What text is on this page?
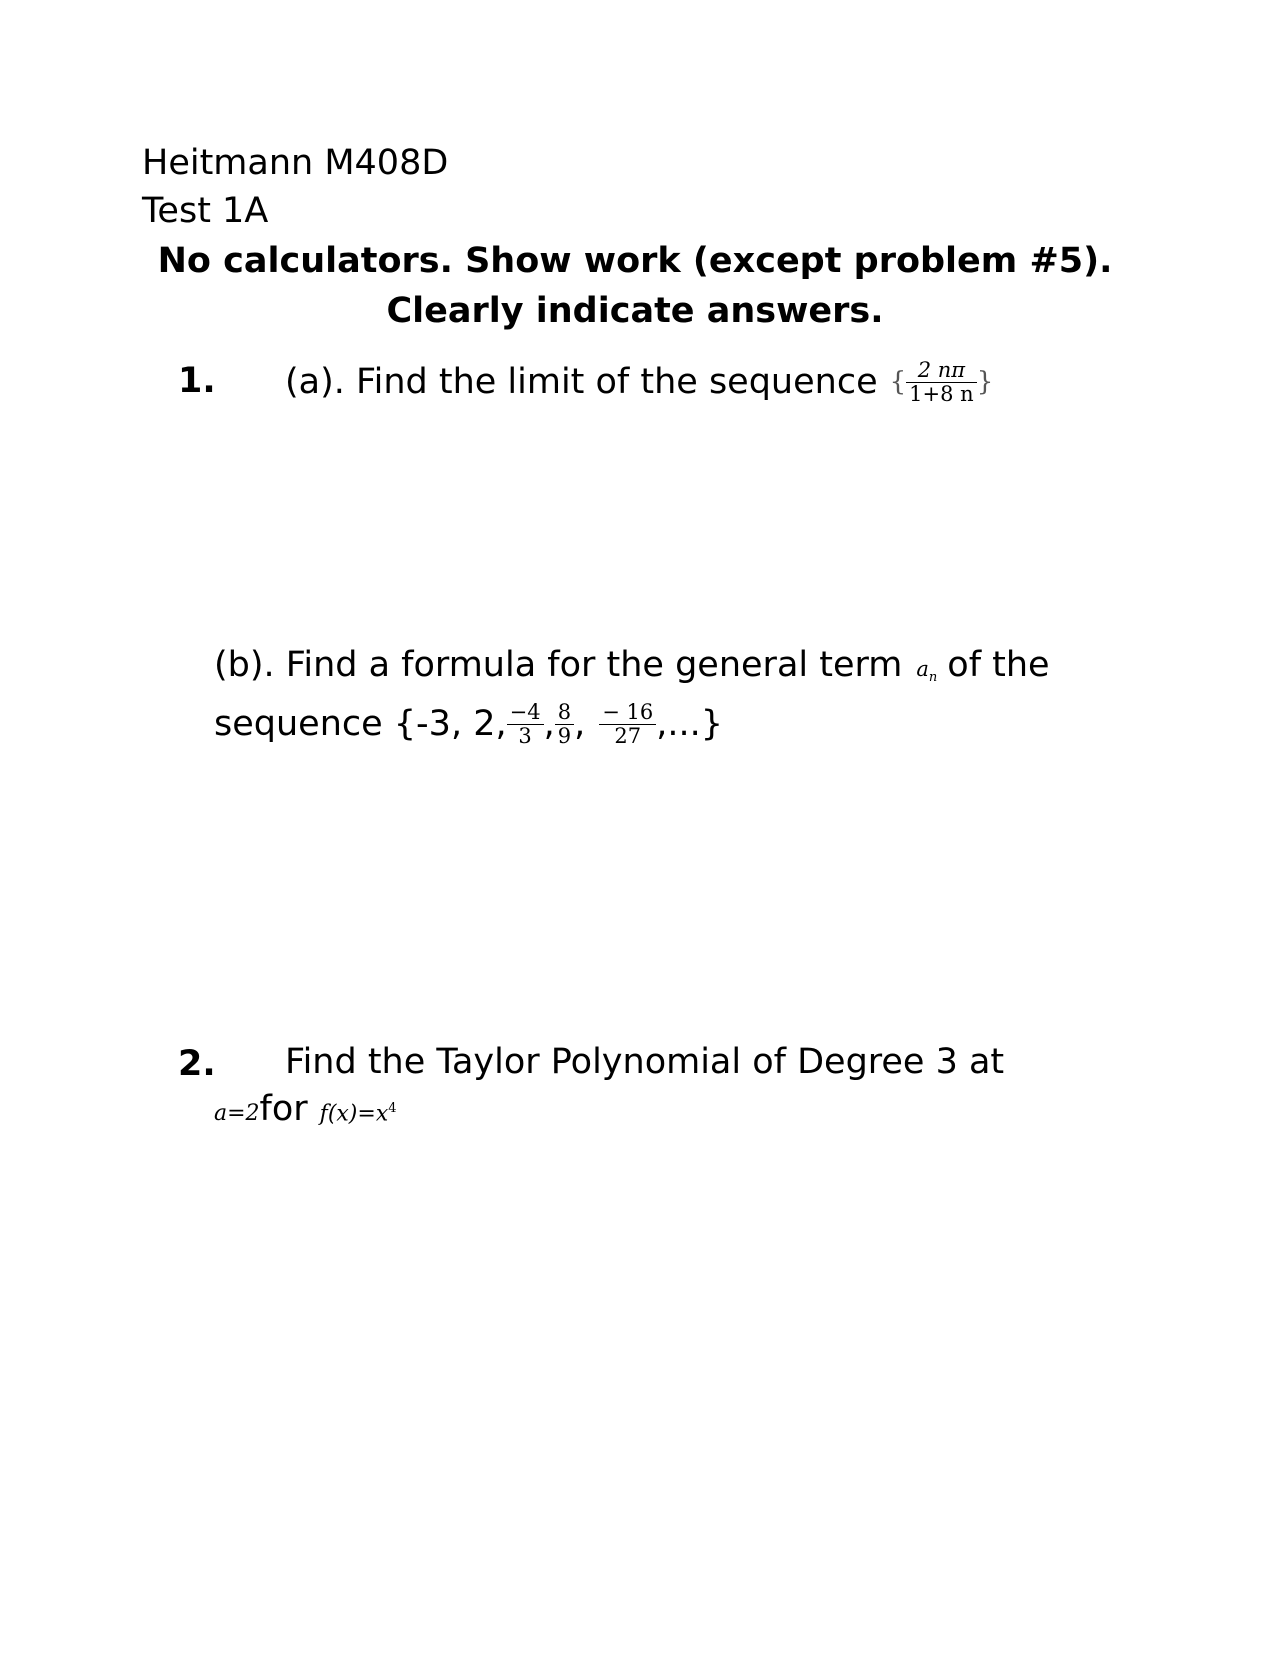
Heitmann M408D
Test 1A
No calculators. Show work (except problem #5). Clearly indicate answers.
1. (a). Find the limit of the sequence { $\frac{2 n\pi}{1+8 n}$ }
(b). Find a formula for the general term $a_n$ of the
sequence {-3, 2, $\frac{-4}{3}$ , $\frac{8}{9}$ , $\frac{- 16}{27}$ ,...}
2. Find the Taylor Polynomial of Degree 3 at
a=2 for $f(x)=x^4$
